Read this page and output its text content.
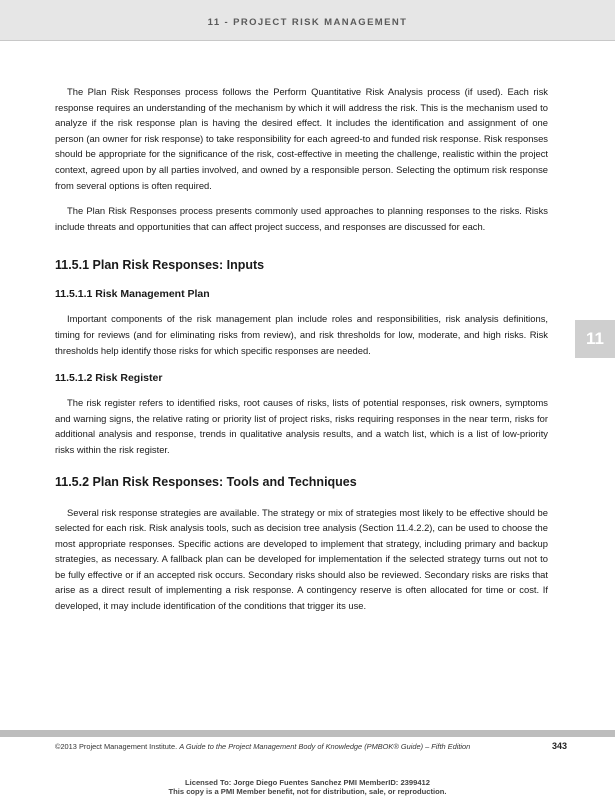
11 - PROJECT RISK MANAGEMENT

The Plan Risk Responses process follows the Perform Quantitative Risk Analysis process (if used). Each risk response requires an understanding of the mechanism by which it will address the risk. This is the mechanism used to analyze if the risk response plan is having the desired effect. It includes the identification and assignment of one person (an owner for risk response) to take responsibility for each agreed-to and funded risk response. Risk responses should be appropriate for the significance of the risk, cost-effective in meeting the challenge, realistic within the project context, agreed upon by all parties involved, and owned by a responsible person. Selecting the optimum risk response from several options is often required.

The Plan Risk Responses process presents commonly used approaches to planning responses to the risks. Risks include threats and opportunities that can affect project success, and responses are discussed for each.

11.5.1 Plan Risk Responses: Inputs
11.5.1.1 Risk Management Plan

Important components of the risk management plan include roles and responsibilities, risk analysis definitions, timing for reviews (and for eliminating risks from review), and risk thresholds for low, moderate, and high risks. Risk thresholds help identify those risks for which specific responses are needed.

11.5.1.2 Risk Register

The risk register refers to identified risks, root causes of risks, lists of potential responses, risk owners, symptoms and warning signs, the relative rating or priority list of project risks, risks requiring responses in the near term, risks for additional analysis and response, trends in qualitative analysis results, and a watch list, which is a list of low-priority risks within the risk register.

11.5.2 Plan Risk Responses: Tools and Techniques

Several risk response strategies are available. The strategy or mix of strategies most likely to be effective should be selected for each risk. Risk analysis tools, such as decision tree analysis (Section 11.4.2.2), can be used to choose the most appropriate responses. Specific actions are developed to implement that strategy, including primary and backup strategies, as necessary. A fallback plan can be developed for implementation if the selected strategy turns out not to be fully effective or if an accepted risk occurs. Secondary risks should also be reviewed. Secondary risks are risks that arise as a direct result of implementing a risk response. A contingency reserve is often allocated for time or cost. If developed, it may include identification of the conditions that trigger its use.

11
©2013 Project Management Institute. A Guide to the Project Management Body of Knowledge (PMBOK® Guide) – Fifth Edition	343
Licensed To: Jorge Diego Fuentes Sanchez PMI MemberID: 2399412
This copy is a PMI Member benefit, not for distribution, sale, or reproduction.
